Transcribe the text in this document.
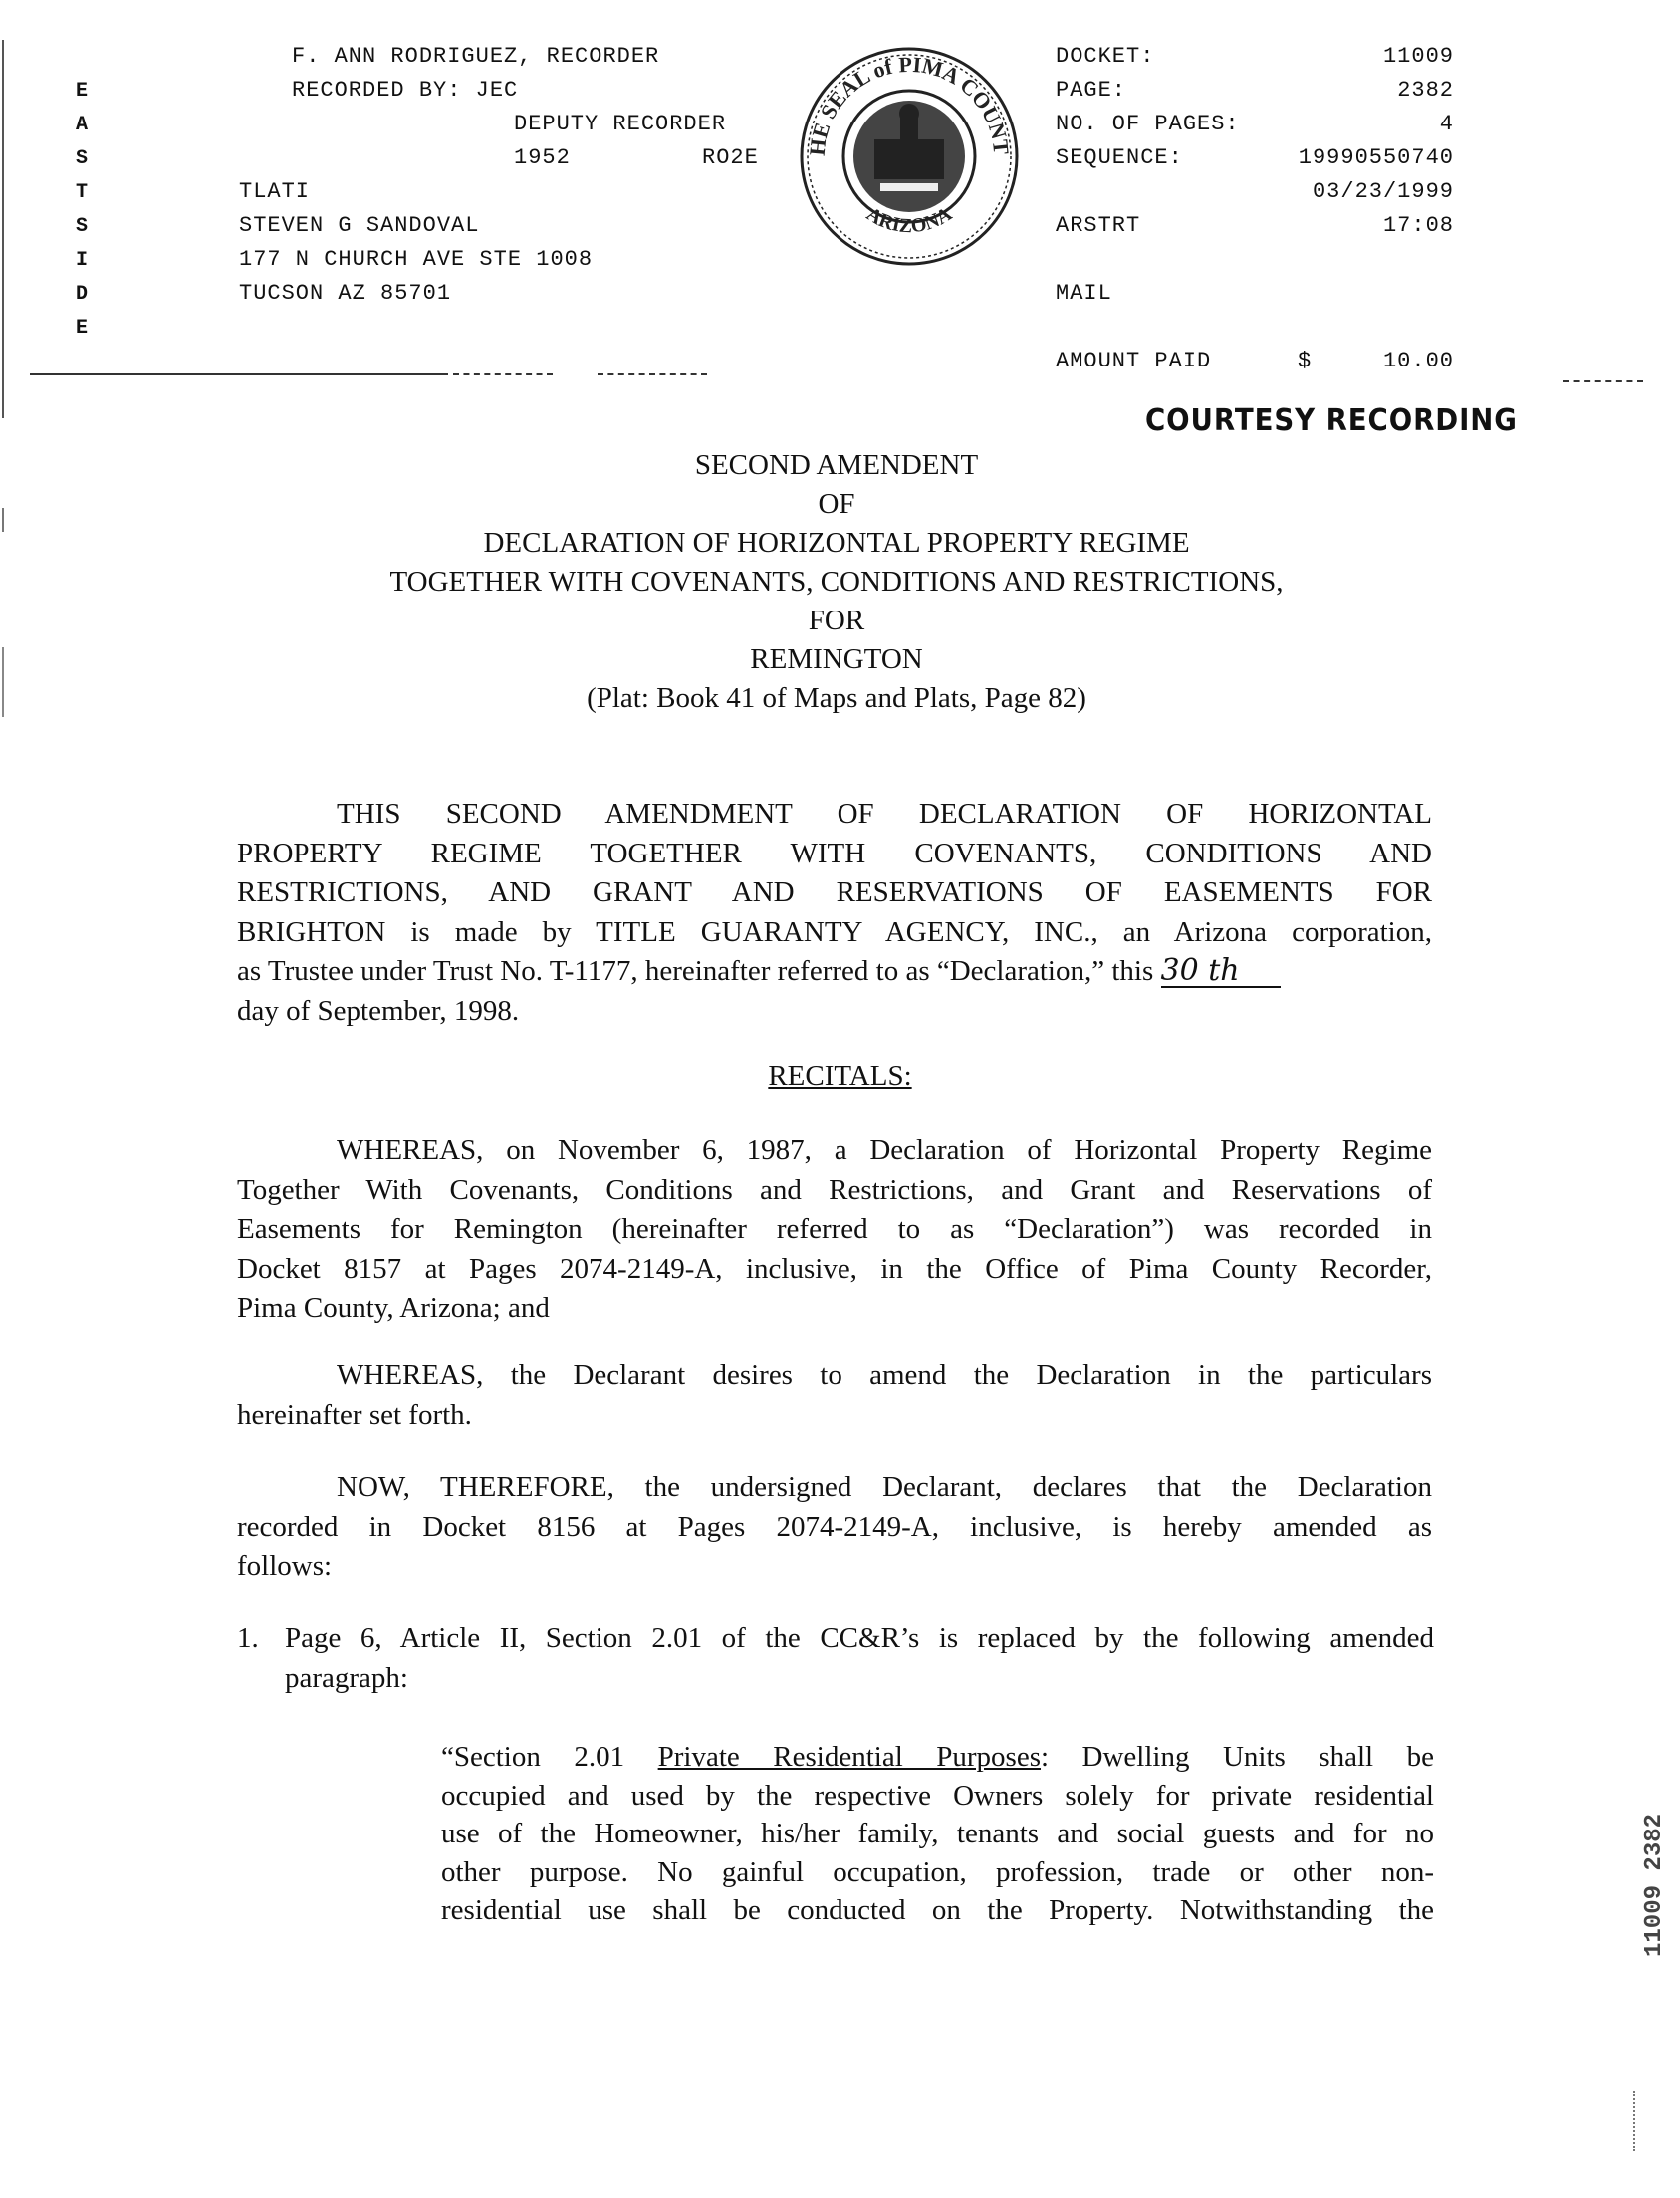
E
A
S
T
S
I
D
E
F. ANN RODRIGUEZ, RECORDER
RECORDED BY: JEC
DEPUTY RECORDER
1952	RO2E
TLATI
STEVEN G SANDOVAL
177 N CHURCH AVE STE 1008
TUCSON AZ 85701
HE SEAL of PIMA COUNT
ARIZONA
DOCKET:	11009
PAGE:	2382
NO. OF PAGES:	4
SEQUENCE:	19990550740
03/23/1999
ARSTRT	17:08
MAIL
AMOUNT PAID	$	10.00
COURTESY RECORDING
SECOND AMENDENT
OF
DECLARATION OF HORIZONTAL PROPERTY REGIME
TOGETHER WITH COVENANTS, CONDITIONS AND RESTRICTIONS,
FOR
REMINGTON
(Plat: Book 41 of Maps and Plats, Page 82)
THIS SECOND AMENDMENT OF DECLARATION OF HORIZONTAL
PROPERTY REGIME TOGETHER WITH COVENANTS, CONDITIONS AND
RESTRICTIONS, AND GRANT AND RESERVATIONS OF EASEMENTS FOR
BRIGHTON is made by TITLE GUARANTY AGENCY, INC., an Arizona corporation,
as Trustee under Trust No. T-1177, hereinafter referred to as “Declaration,” this 30 th
day of September, 1998.
RECITALS:
WHEREAS, on November 6, 1987, a Declaration of Horizontal Property Regime
Together With Covenants, Conditions and Restrictions, and Grant and Reservations of
Easements for Remington (hereinafter referred to as “Declaration”) was recorded in
Docket 8157 at Pages 2074-2149-A, inclusive, in the Office of Pima County Recorder,
Pima County, Arizona; and
WHEREAS, the Declarant desires to amend the Declaration in the particulars
hereinafter set forth.
NOW, THEREFORE, the undersigned Declarant, declares that the Declaration
recorded in Docket 8156 at Pages 2074-2149-A, inclusive, is hereby amended as
follows:
1. Page 6, Article II, Section 2.01 of the CC&R’s is replaced by the following amended
paragraph:
“Section 2.01 Private Residential Purposes: Dwelling Units shall be
occupied and used by the respective Owners solely for private residential
use of the Homeowner, his/her family, tenants and social guests and for no
other purpose. No gainful occupation, profession, trade or other non-
residential use shall be conducted on the Property. Notwithstanding the	11009 2382
